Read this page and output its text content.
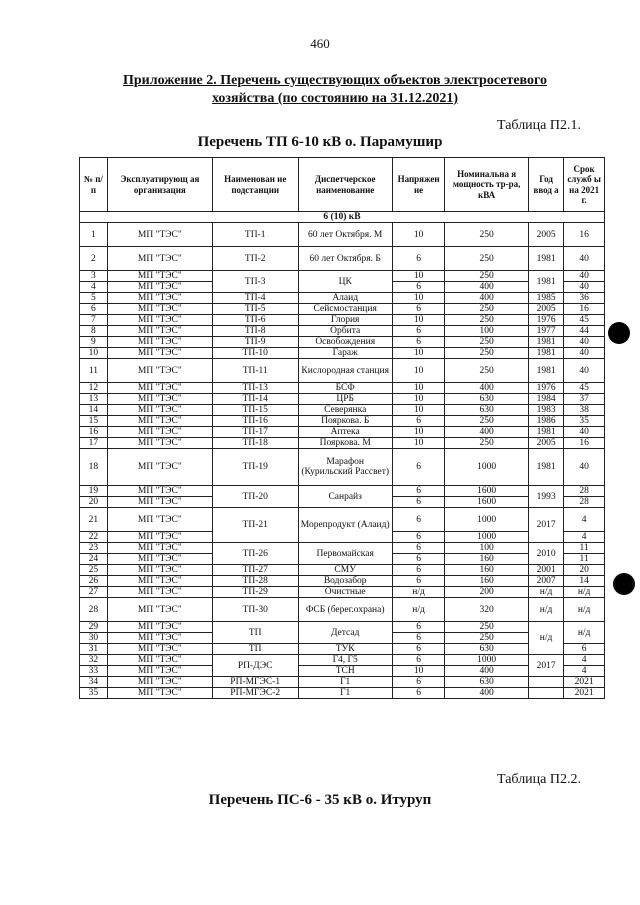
460
Приложение 2. Перечень существующих объектов электросетевого хозяйства (по состоянию на 31.12.2021)
Таблица П2.1.
Перечень ТП 6-10 кВ о. Парамушир
№ п/ п	Эксплуатирующ ая организация	Наименован ие подстанции	Диспетчерское наименование	Напряжен ие	Номинальна я мощность тр-ра, кВА	Год ввод а	Срок служб ы на 2021 г.
6 (10) кВ							
1	МП "ТЭС"	ТП-1	60 лет Октября. М	10	250	2005	16
2	МП "ТЭС"	ТП-2	60 лет Октября. Б	6	250	1981	40
3	МП "ТЭС"	ТП-3	ЦК	10	250	1981	40
4	МП "ТЭС"			6	400		40
5	МП "ТЭС"	ТП-4	Алаид	10	400	1985	36
6	МП "ТЭС"	ТП-5	Сейсмостанция	6	250	2005	16
7	МП "ТЭС"	ТП-6	Глория	10	250	1976	45
8	МП "ТЭС"	ТП-8	Орбита	6	100	1977	44
9	МП "ТЭС"	ТП-9	Освобождения	6	250	1981	40
10	МП "ТЭС"	ТП-10	Гараж	10	250	1981	40
11	МП "ТЭС"	ТП-11	Кислородная станция	10	250	1981	40
12	МП "ТЭС"	ТП-13	БСФ	10	400	1976	45
13	МП "ТЭС"	ТП-14	ЦРБ	10	630	1984	37
14	МП "ТЭС"	ТП-15	Северянка	10	630	1983	38
15	МП "ТЭС"	ТП-16	Пояркова. Б	6	250	1986	35
16	МП "ТЭС"	ТП-17	Аптека	10	400	1981	40
17	МП "ТЭС"	ТП-18	Пояркова. М	10	250	2005	16
18	МП "ТЭС"	ТП-19	Марафон (Курильский Рассвет)	6	1000	1981	40
19	МП "ТЭС"	ТП-20	Санрайз	6	1600	1993	28
20	МП "ТЭС"			6	1600		28
21	МП "ТЭС"	ТП-21	Морепродукт (Алаид)	6	1000	2017	4
22	МП "ТЭС"			6	1000		4
23	МП "ТЭС"	ТП-26	Первомайская	6	100	2010	11
24	МП "ТЭС"			6	160		11
25	МП "ТЭС"	ТП-27	СМУ	6	160	2001	20
26	МП "ТЭС"	ТП-28	Водозабор	6	160	2007	14
27	МП "ТЭС"	ТП-29	Очистные	н/д	200	н/д	н/д
28	МП "ТЭС"	ТП-30	ФСБ (берег.охрана)	н/д	320	н/д	н/д
29	МП "ТЭС"	ТП	Детсад	6	250	н/д	н/д
30	МП "ТЭС"			6	250		
31	МП "ТЭС"	ТП	ТУК	6	630		6
32	МП "ТЭС"	РП-ДЭС	Г4, Г5	6	1000	2017	4
33	МП "ТЭС"		ТСН	10	400		4
34	МП "ТЭС"	РП-МГЭС-1	Г1	6	630		2021
35	МП "ТЭС"	РП-МГЭС-2	Г1	6	400		2021
Таблица П2.2.
Перечень ПС-6 - 35 кВ о. Итуруп
